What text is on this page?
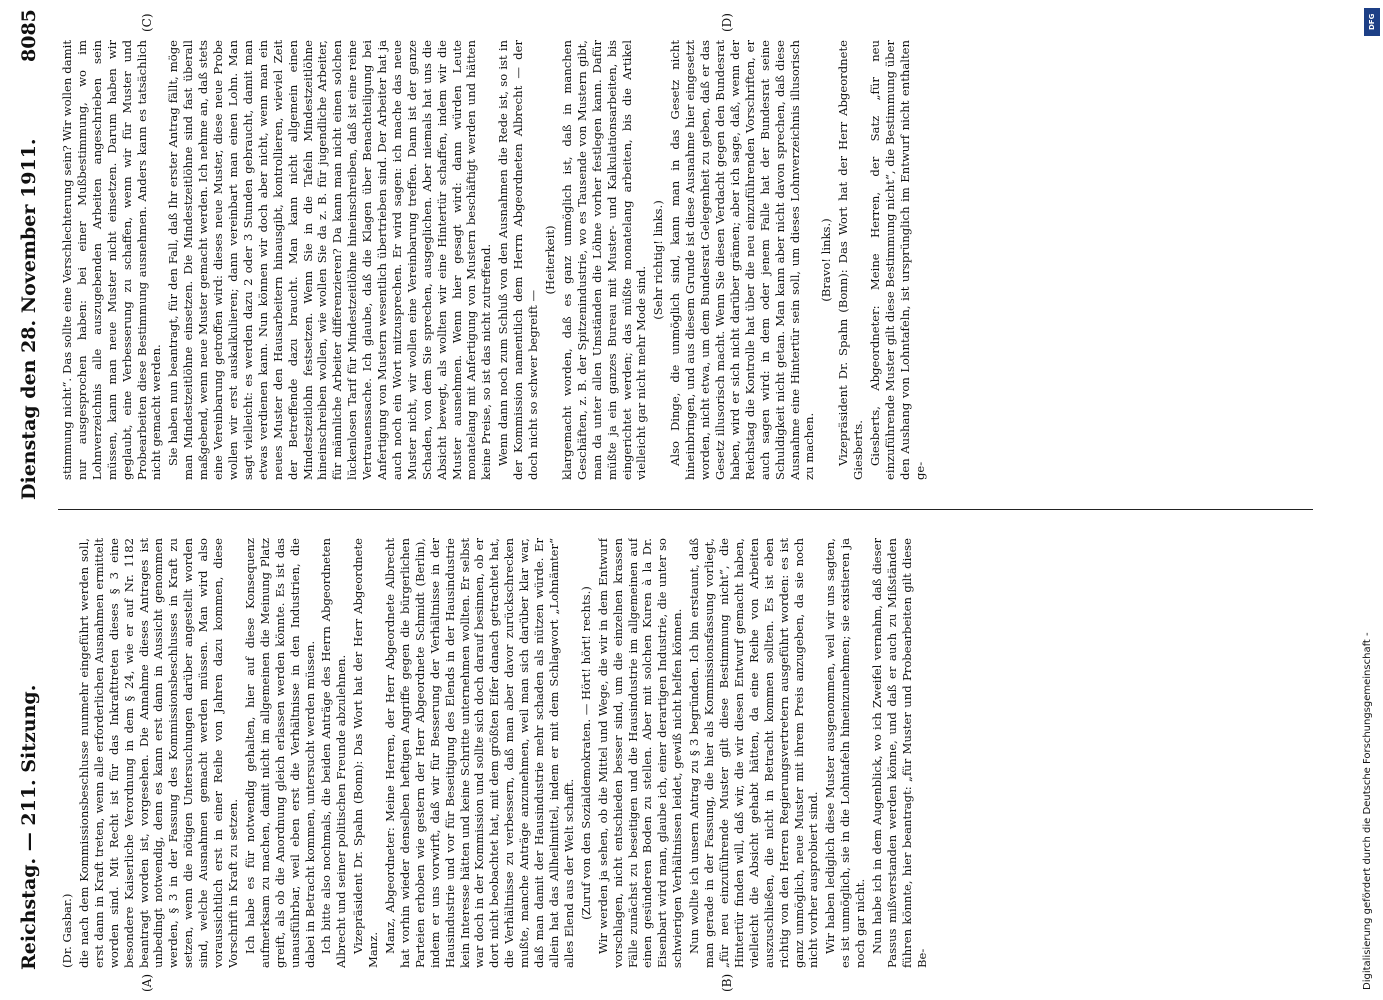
Reichstag. — 211. Sitzung.
Dienstag den 28. November 1911.
8085
(A)	(B)
(C)	(D)

(Dr. Gasbar.) die nach dem Kommissionsbeschlusse nunmehr eingeführt werden soll, erst dann in Kraft treten, wenn alle erforderlichen Ausnahmen ermittelt worden sind. Mit Recht ist für das Inkrafttreten dieses § 3 eine besondere Kaiserliche Verordnung in dem § 24, wie er auf Nr. 1182 beantragt worden ist, vorgesehen. Die Annahme dieses Antrages ist unbedingt notwendig, denn es kann erst dann in Aussicht genommen werden, § 3 in der Fassung des Kommissionsbeschlusses in Kraft zu setzen, wenn die nötigen Untersuchungen darüber angestellt worden sind, welche Ausnahmen gemacht werden müssen. Man wird also voraussichtlich erst in einer Reihe von Jahren dazu kommen, diese Vorschrift in Kraft zu setzen. Ich habe es für notwendig gehalten, hier auf diese Konsequenz aufmerksam zu machen, damit nicht im allgemeinen die Meinung Platz greift, als ob die Anordnung gleich erlassen werden könnte. Es ist das unausführbar, weil eben erst die Verhältnisse in den Industrien, die dabei in Betracht kommen, untersucht werden müssen. Ich bitte also nochmals, die beiden Anträge des Herrn Abgeordneten Albrecht und seiner politischen Freunde abzulehnen. Vizepräsident Dr. Spahn (Bonn): Das Wort hat der Herr Abgeordnete Manz. Manz, Abgeordneter: Meine Herren, der Herr Abgeordnete Albrecht hat vorhin wieder denselben heftigen Angriffe gegen die bürgerlichen Parteien erhoben wie gestern der Herr Abgeordnete Schmidt (Berlin), indem er uns vorwirft, daß wir für Besserung der Verhältnisse in der Hausindustrie und vor für Beseitigung des Elends in der Hausindustrie kein Interesse hätten und keine Schritte unternehmen wollten. Er selbst war doch in der Kommission und sollte sich doch darauf besinnen, ob er dort nicht beobachtet hat, mit dem größten Eifer danach getrachtet hat, die Verhältnisse zu verbessern, daß man aber davor zurückschrecken mußte, manche Anträge anzunehmen, weil man sich darüber klar war, daß man damit der Hausindustrie mehr schaden als nützen würde. Er allein hat das Allheilmittel, indem er mit dem Schlagwort „Lohnämter“ alles Elend aus der Welt schafft. (Zuruf von den Sozialdemokraten. — Hört! hört! rechts.) Wir werden ja sehen, ob die Mittel und Wege, die wir in dem Entwurf vorschlagen, nicht entschieden besser sind, um die einzelnen krassen Fälle zunächst zu beseitigen und die Hausindustrie im allgemeinen auf einen gesünderen Boden zu stellen. Aber mit solchen Kuren à la Dr. Eisenbart wird man, glaube ich, einer derartigen Industrie, die unter so schwierigen Verhältnissen leidet, gewiß nicht helfen können. Nun wollte ich unsern Antrag zu § 3 begründen. Ich bin erstaunt, daß man gerade in der Fassung, die hier als Kommissionsfassung vorliegt, „für neu einzuführende Muster gilt diese Bestimmung nicht“, die Hintertür finden will, daß wir, die wir diesen Entwurf gemacht haben, vielleicht die Absicht gehabt hätten, da eine Reihe von Arbeiten auszuschließen, die nicht in Betracht kommen sollten. Es ist eben richtig von den Herren Regierungsvertretern ausgeführt worden: es ist ganz unmöglich, neue Muster mit ihrem Preis anzugeben, da sie noch nicht vorher ausprobiert sind. Wir haben lediglich diese Muster ausgenommen, weil wir uns sagten, es ist unmöglich, sie in die Lohntafeln hineinzunehmen; sie existieren ja noch gar nicht. Nun habe ich in dem Augenblick, wo ich Zweifel vernahm, daß dieser Passus mißverstanden werden könne, und daß er auch zu Mißständen führen könnte, hier beantragt: „für Muster und Probearbeiten gilt diese Be-

stimmung nicht“. Das sollte eine Verschlechterung sein? Wir wollen damit nur ausgesprochen haben: bei einer Mußbestimmung, wo im Lohnverzeichnis alle auszugebenden Arbeiten angeschrieben sein müssen, kann man neue Muster nicht einsetzen. Darum haben wir geglaubt, eine Verbesserung zu schaffen, wenn wir für Muster und Probearbeiten diese Bestimmung ausnehmen. Anders kann es tatsächlich nicht gemacht werden. Sie haben nun beantragt, für den Fall, daß Ihr erster Antrag fällt, möge man Mindestzeitlöhne einsetzen. Die Mindestzeitlöhne sind fast überall maßgebend, wenn neue Muster gemacht werden. Ich nehme an, daß stets eine Vereinbarung getroffen wird: dieses neue Muster, diese neue Probe wollen wir erst auskalkulieren; dann vereinbart man einen Lohn. Man sagt vielleicht: es werden dazu 2 oder 3 Stunden gebraucht, damit man etwas verdienen kann. Nun können wir doch aber nicht, wenn man ein neues Muster den Hausarbeitern hinausgibt, kontrollieren, wieviel Zeit der Betreffende dazu braucht. Man kann nicht allgemein einen Mindestzeitlohn festsetzen. Wenn Sie in die Tafeln Mindestzeitlöhne hineinschreiben wollen, wie wollen Sie da z. B. für jugendliche Arbeiter, für männliche Arbeiter differenzieren? Da kann man nicht einen solchen lückenlosen Tarif für Mindestzeitlöhne hineinschreiben, daß ist eine reine Vertrauenssache. Ich glaube, daß die Klagen über Benachteiligung bei Anfertigung von Mustern wesentlich übertrieben sind. Der Arbeiter hat ja auch noch ein Wort mitzusprechen. Er wird sagen: ich mache das neue Muster nicht, wir wollen eine Vereinbarung treffen. Dann ist der ganze Schaden, von dem Sie sprechen, ausgeglichen. Aber niemals hat uns die Absicht bewegt, als wollten wir eine Hintertür schaffen, indem wir die Muster ausnehmen. Wenn hier gesagt wird: dann würden Leute monatelang mit Anfertigung von Mustern beschäftigt werden und hätten keine Preise, so ist das nicht zutreffend. Wenn dann noch zum Schluß von den Ausnahmen die Rede ist, so ist in der Kommission namentlich dem Herrn Abgeordneten Albrecht — der doch nicht so schwer begreift —

(Heiterkeit) klargemacht worden, daß es ganz unmöglich ist, daß in manchen Geschäften, z. B. der Spitzenindustrie, wo es Tausende von Mustern gibt, man da unter allen Umständen die Löhne vorher festlegen kann. Dafür müßte ja ein ganzes Bureau mit Muster- und Kalkulationsarbeiten, bis eingerichtet werden; das müßte monatelang arbeiten, bis die Artikel vielleicht gar nicht mehr Mode sind.

(Sehr richtig! links.) Also Dinge, die unmöglich sind, kann man in das Gesetz nicht hineinbringen, und aus diesem Grunde ist diese Ausnahme hier eingesetzt worden, nicht etwa, um dem Bundesrat Gelegenheit zu geben, daß er das Gesetz illusorisch macht. Wenn Sie diesen Verdacht gegen den Bundesrat haben, wird er sich nicht darüber grämen; aber ich sage, daß, wenn der Reichstag die Kontrolle hat über die neu einzuführenden Vorschriften, er auch sagen wird: in dem oder jenem Falle hat der Bundesrat seine Schuldigkeit nicht getan. Man kann aber nicht davon sprechen, daß diese Ausnahme eine Hintertür sein soll, um dieses Lohnverzeichnis illusorisch zu machen.

(Bravo! links.) Vizepräsident Dr. Spahn (Bonn): Das Wort hat der Herr Abgeordnete Giesberts. Giesberts, Abgeordneter: Meine Herren, der Satz „für neu einzuführende Muster gilt diese Bestimmung nicht“, die Bestimmung über den Aushang von Lohntafeln, ist ursprünglich im Entwurf nicht enthalten ge-

DFG
Digitalisierung gefördert durch die Deutsche Forschungsgemeinschaft -
